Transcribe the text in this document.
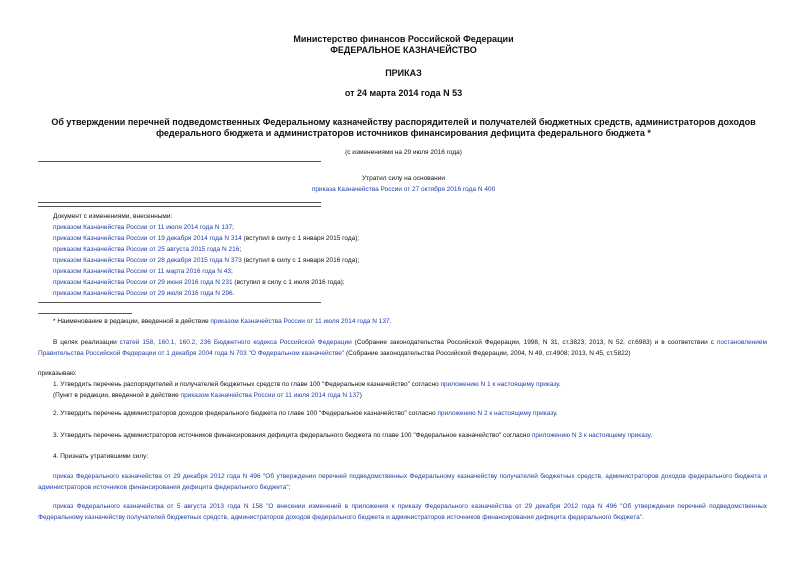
Министерство финансов Российской Федерации
ФЕДЕРАЛЬНОЕ КАЗНАЧЕЙСТВО
ПРИКАЗ
от 24 марта 2014 года N 53
Об утверждении перечней подведомственных Федеральному казначейству распорядителей и получателей бюджетных средств, администраторов доходов
федерального бюджета и администраторов источников финансирования дефицита федерального бюджета *
(с изменениями на 29 июля 2016 года)
Утратил силу на основании
приказа Казначейства России от 27 октября 2016 года N 400
Документ с изменениями, внесенными:
приказом Казначейства России от 11 июля 2014 года N 137;
приказом Казначейства России от 19 декабря 2014 года N 314 (вступил в силу с 1 января 2015 года);
приказом Казначейства России от 25 августа 2015 года N 216;
приказом Казначейства России от 28 декабря 2015 года N 373 (вступил в силу с 1 января 2016 года);
приказом Казначейства России от 11 марта 2016 года N 43;
приказом Казначейства России от 29 июня 2016 года N 231 (вступил в силу с 1 июля 2016 года);
приказом Казначейства России от 29 июля 2016 года N 296.
* Наименование в редакции, введенной в действие приказом Казначейства России от 11 июля 2014 года N 137.
В целях реализации статей 158, 160.1, 160.2, 236 Бюджетного кодекса Российской Федерации (Собрание законодательства Российской Федерации, 1998, N 31, ст.3823; 2013, N 52, ст.6983) и в соответствии с постановлением Правительства Российской Федерации от 1 декабря 2004 года N 703 "О Федеральном казначействе" (Собрание законодательства Российской Федерации, 2004, N 49, ст.4908; 2013, N 45, ст.5822)
приказываю:
1. Утвердить перечень распорядителей и получателей бюджетных средств по главе 100 "Федеральное казначейство" согласно приложению N 1 к настоящему приказу.
(Пункт в редакции, введенной в действие приказом Казначейства России от 11 июля 2014 года N 137)
2. Утвердить перечень администраторов доходов федерального бюджета по главе 100 "Федеральное казначейство" согласно приложению N 2 к настоящему приказу.
3. Утвердить перечень администраторов источников финансирования дефицита федерального бюджета по главе 100 "Федеральное казначейство" согласно приложению N 3 к настоящему приказу.
4. Признать утратившими силу:
приказ Федерального казначейства от 29 декабря 2012 года N 496 "Об утверждении перечней подведомственных Федеральному казначейству получателей бюджетных средств, администраторов доходов федерального бюджета и администраторов источников финансирования дефицита федерального бюджета";
приказ Федерального казначейства от 5 августа 2013 года N 158 "О внесении изменений в приложения к приказу Федерального казначейства от 29 декабря 2012 года N 496 "Об утверждении перечней подведомственных Федеральному казначейству получателей бюджетных средств, администраторов доходов федерального бюджета и администраторов источников финансирования дефицита федерального бюджета".
